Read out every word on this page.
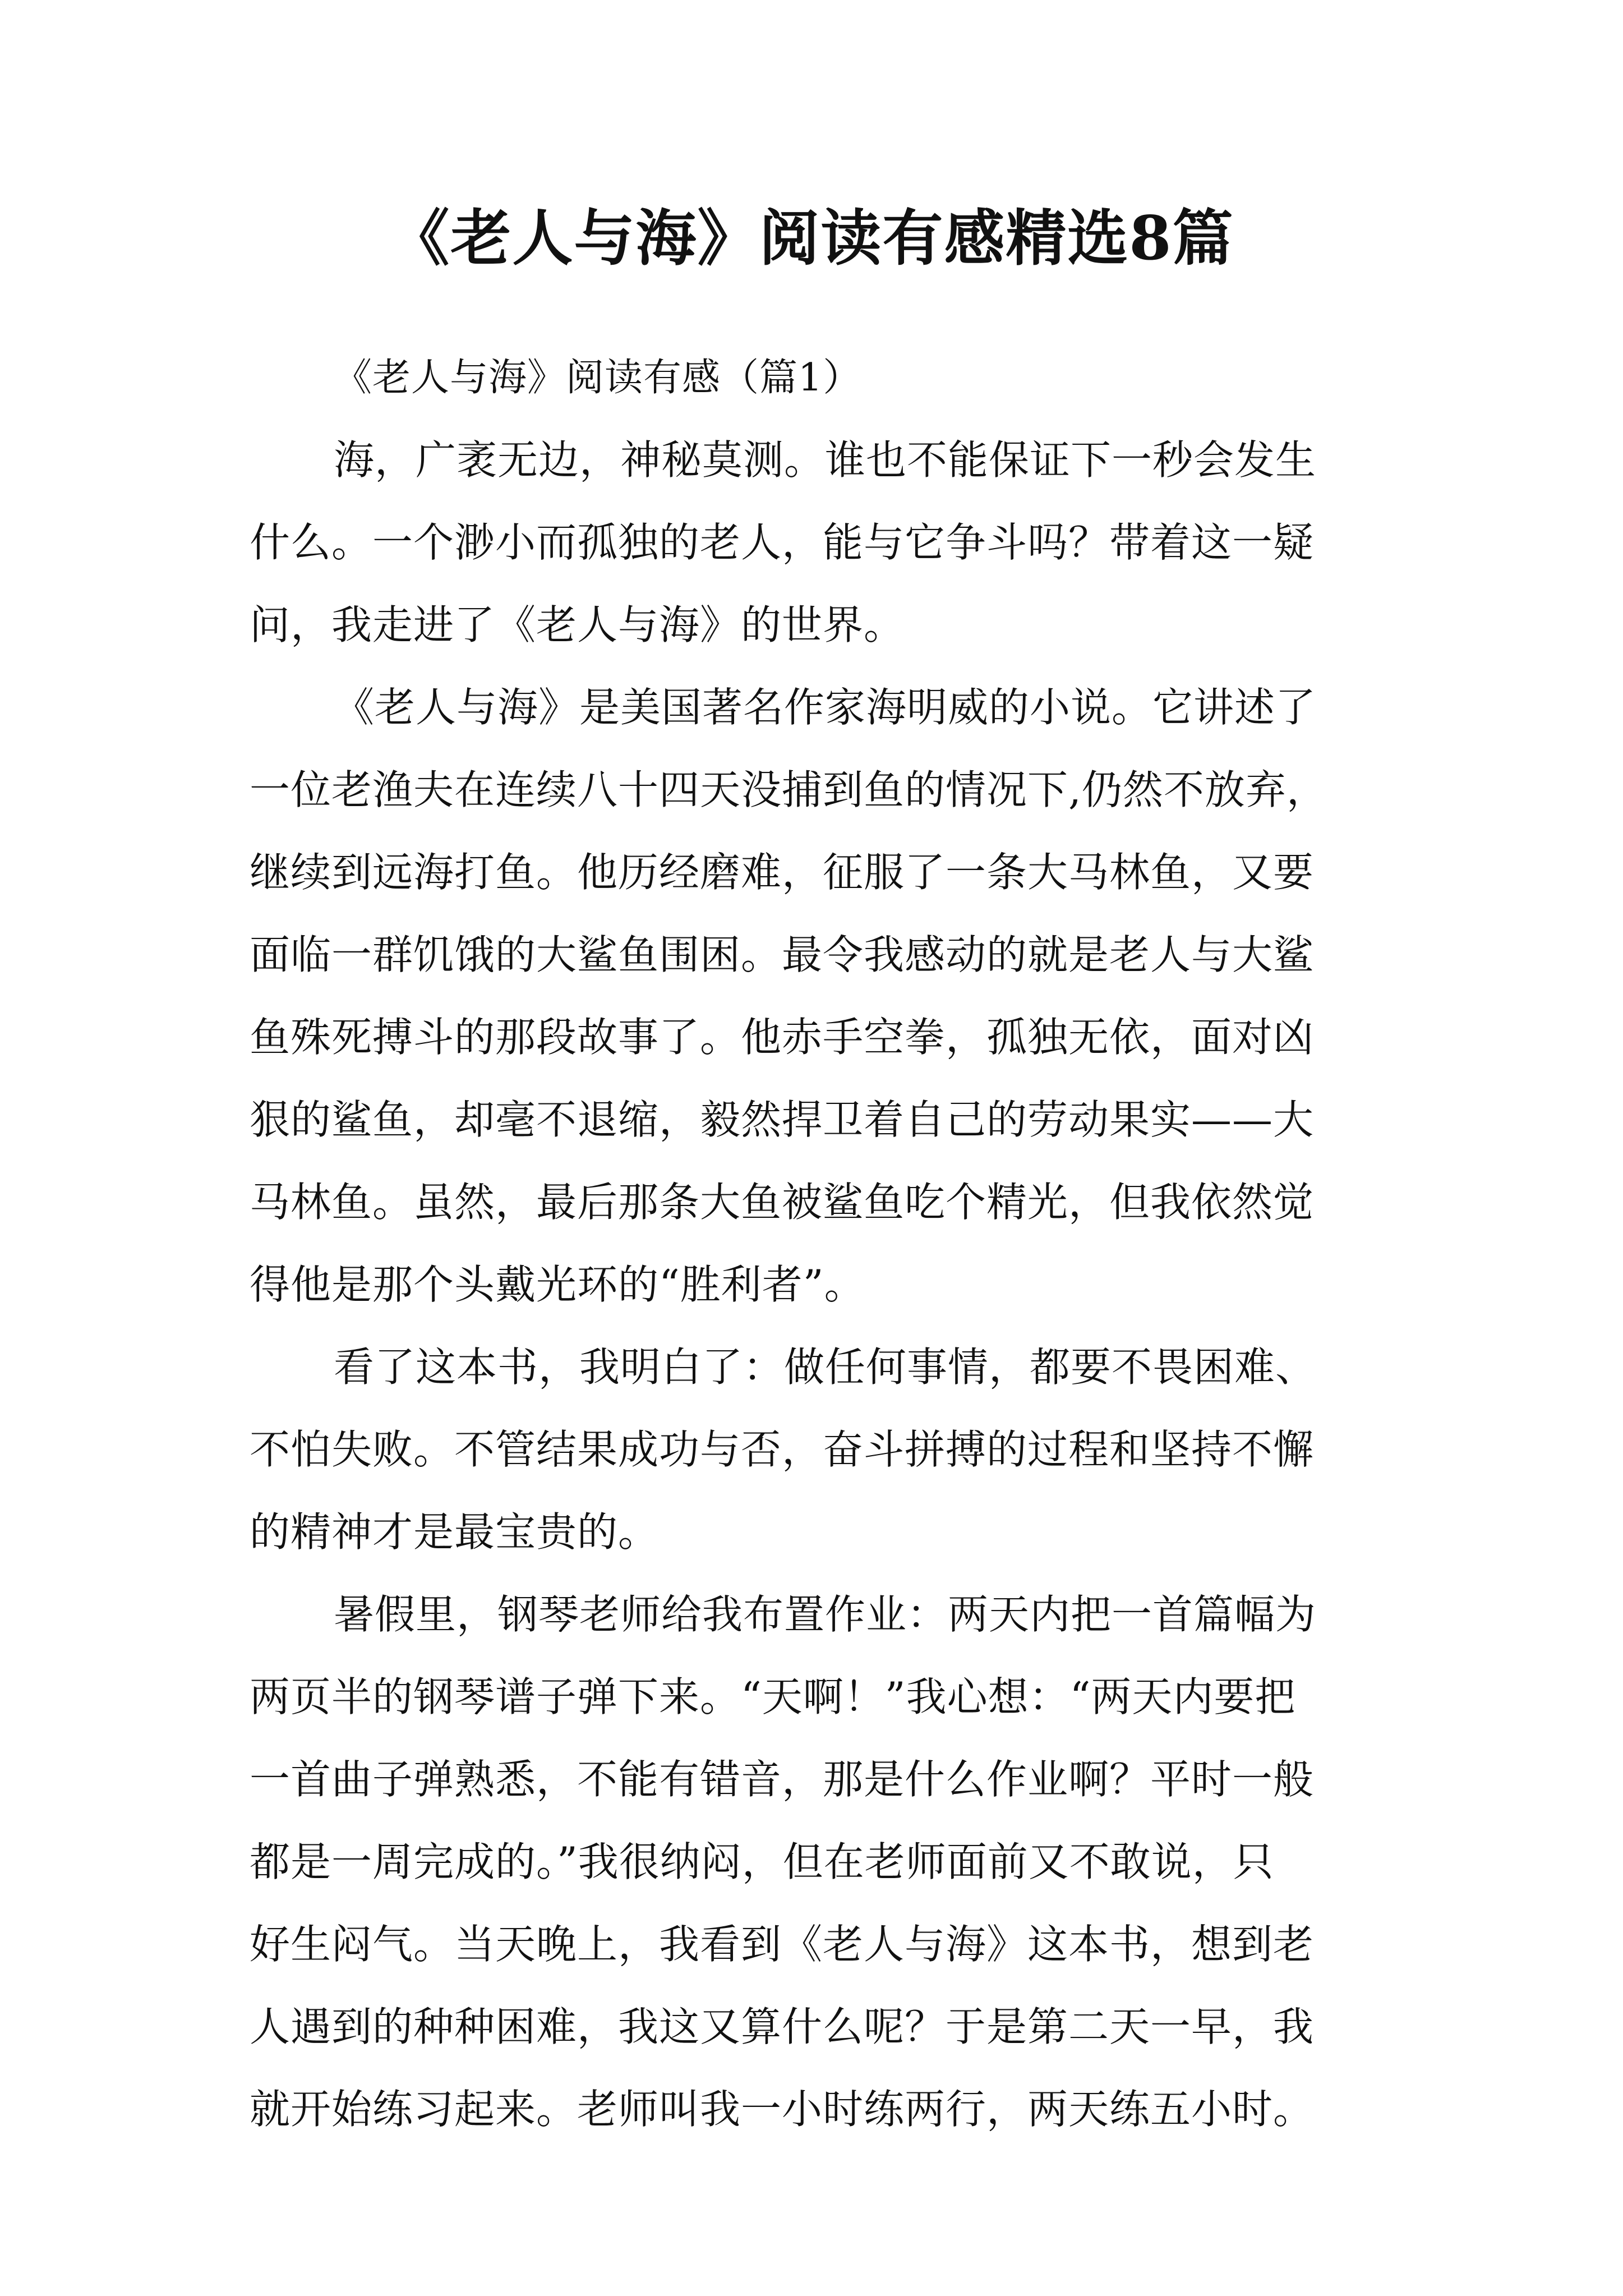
《老人与海》阅读有感精选8篇
《老人与海》阅读有感（篇1）
海，广袤无边，神秘莫测。谁也不能保证下一秒会发生
什么。一个渺小而孤独的老人，能与它争斗吗？带着这一疑
问，我走进了《老人与海》的世界。
《老人与海》是美国著名作家海明威的小说。它讲述了
一位老渔夫在连续八十四天没捕到鱼的情况下,仍然不放弃，
继续到远海打鱼。他历经磨难，征服了一条大马林鱼，又要
面临一群饥饿的大鲨鱼围困。最令我感动的就是老人与大鲨
鱼殊死搏斗的那段故事了。他赤手空拳，孤独无依，面对凶
狠的鲨鱼，却毫不退缩，毅然捍卫着自己的劳动果实——大
马林鱼。虽然，最后那条大鱼被鲨鱼吃个精光，但我依然觉
得他是那个头戴光环的“胜利者”。
看了这本书，我明白了：做任何事情，都要不畏困难、
不怕失败。不管结果成功与否，奋斗拼搏的过程和坚持不懈
的精神才是最宝贵的。
暑假里，钢琴老师给我布置作业：两天内把一首篇幅为
两页半的钢琴谱子弹下来。“天啊！”我心想：“两天内要把
一首曲子弹熟悉，不能有错音，那是什么作业啊？平时一般
都是一周完成的。”我很纳闷，但在老师面前又不敢说，只
好生闷气。当天晚上，我看到《老人与海》这本书，想到老
人遇到的种种困难，我这又算什么呢？于是第二天一早，我
就开始练习起来。老师叫我一小时练两行，两天练五小时。
